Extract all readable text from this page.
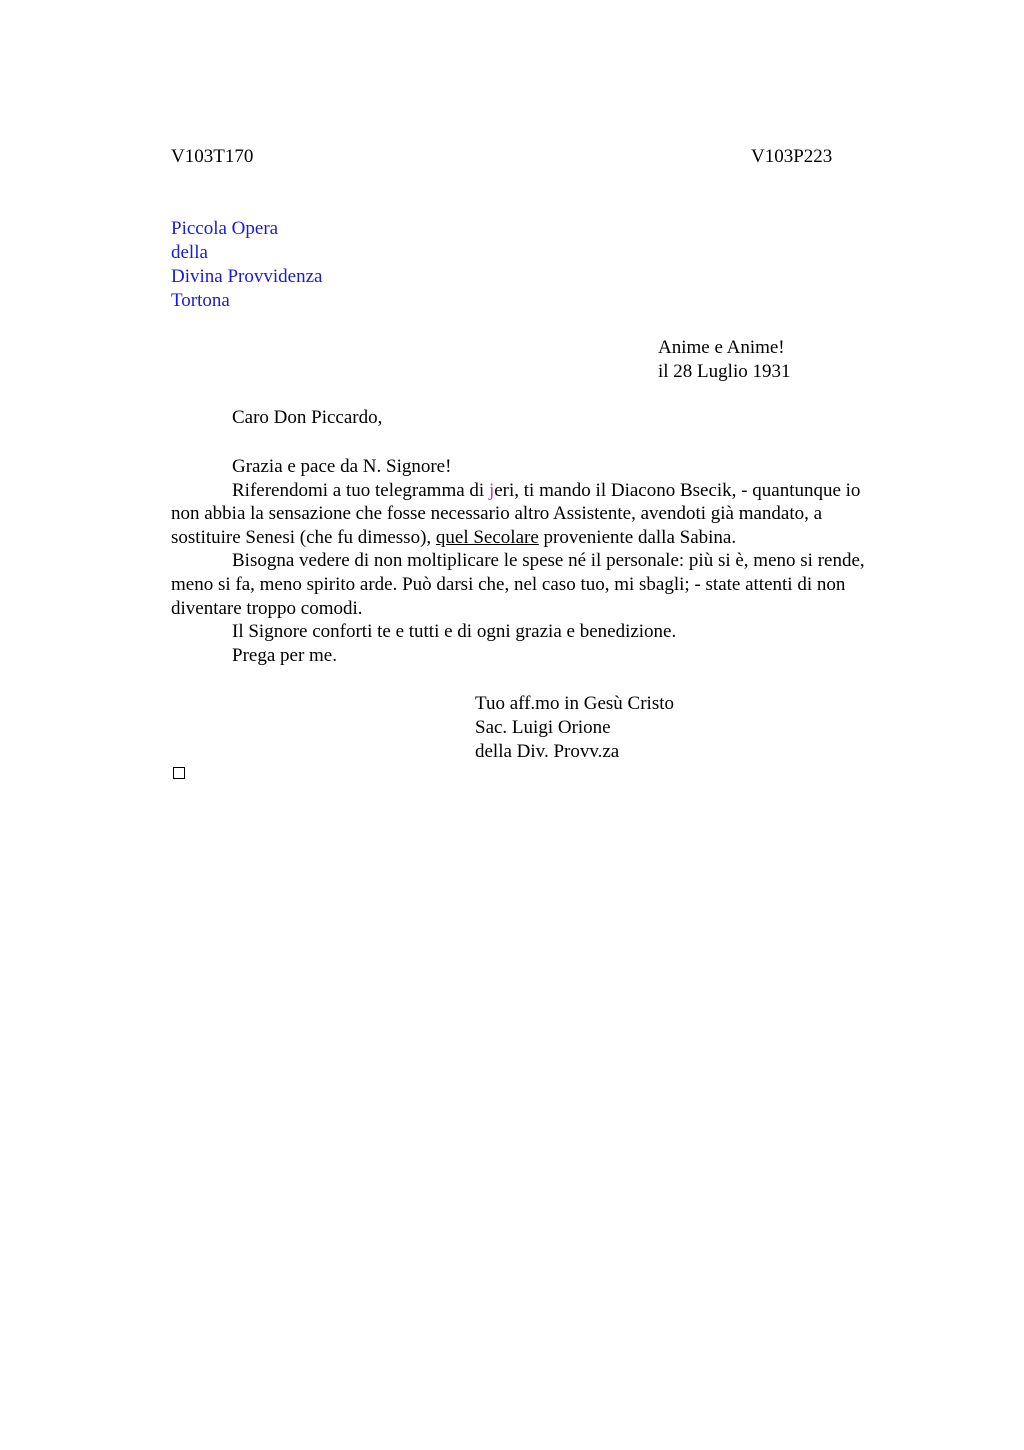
V103T170	V103P223
Piccola Opera
della
Divina Provvidenza
Tortona
Anime e Anime!
il 28 Luglio 1931
Caro Don Piccardo,
Grazia e pace da N. Signore!
Riferendomi a tuo telegramma di jeri, ti mando il Diacono Bsecik, - quantunque io
non abbia la sensazione che fosse necessario altro Assistente, avendoti già mandato, a
sostituire Senesi (che fu dimesso), quel Secolare proveniente dalla Sabina.
Bisogna vedere di non moltiplicare le spese né il personale: più si è, meno si rende,
meno si fa, meno spirito arde. Può darsi che, nel caso tuo, mi sbagli; - state attenti di non
diventare troppo comodi.
Il Signore conforti te e tutti e di ogni grazia e benedizione.
Prega per me.
Tuo aff.mo in Gesù Cristo
Sac. Luigi Orione
della Div. Provv.za
